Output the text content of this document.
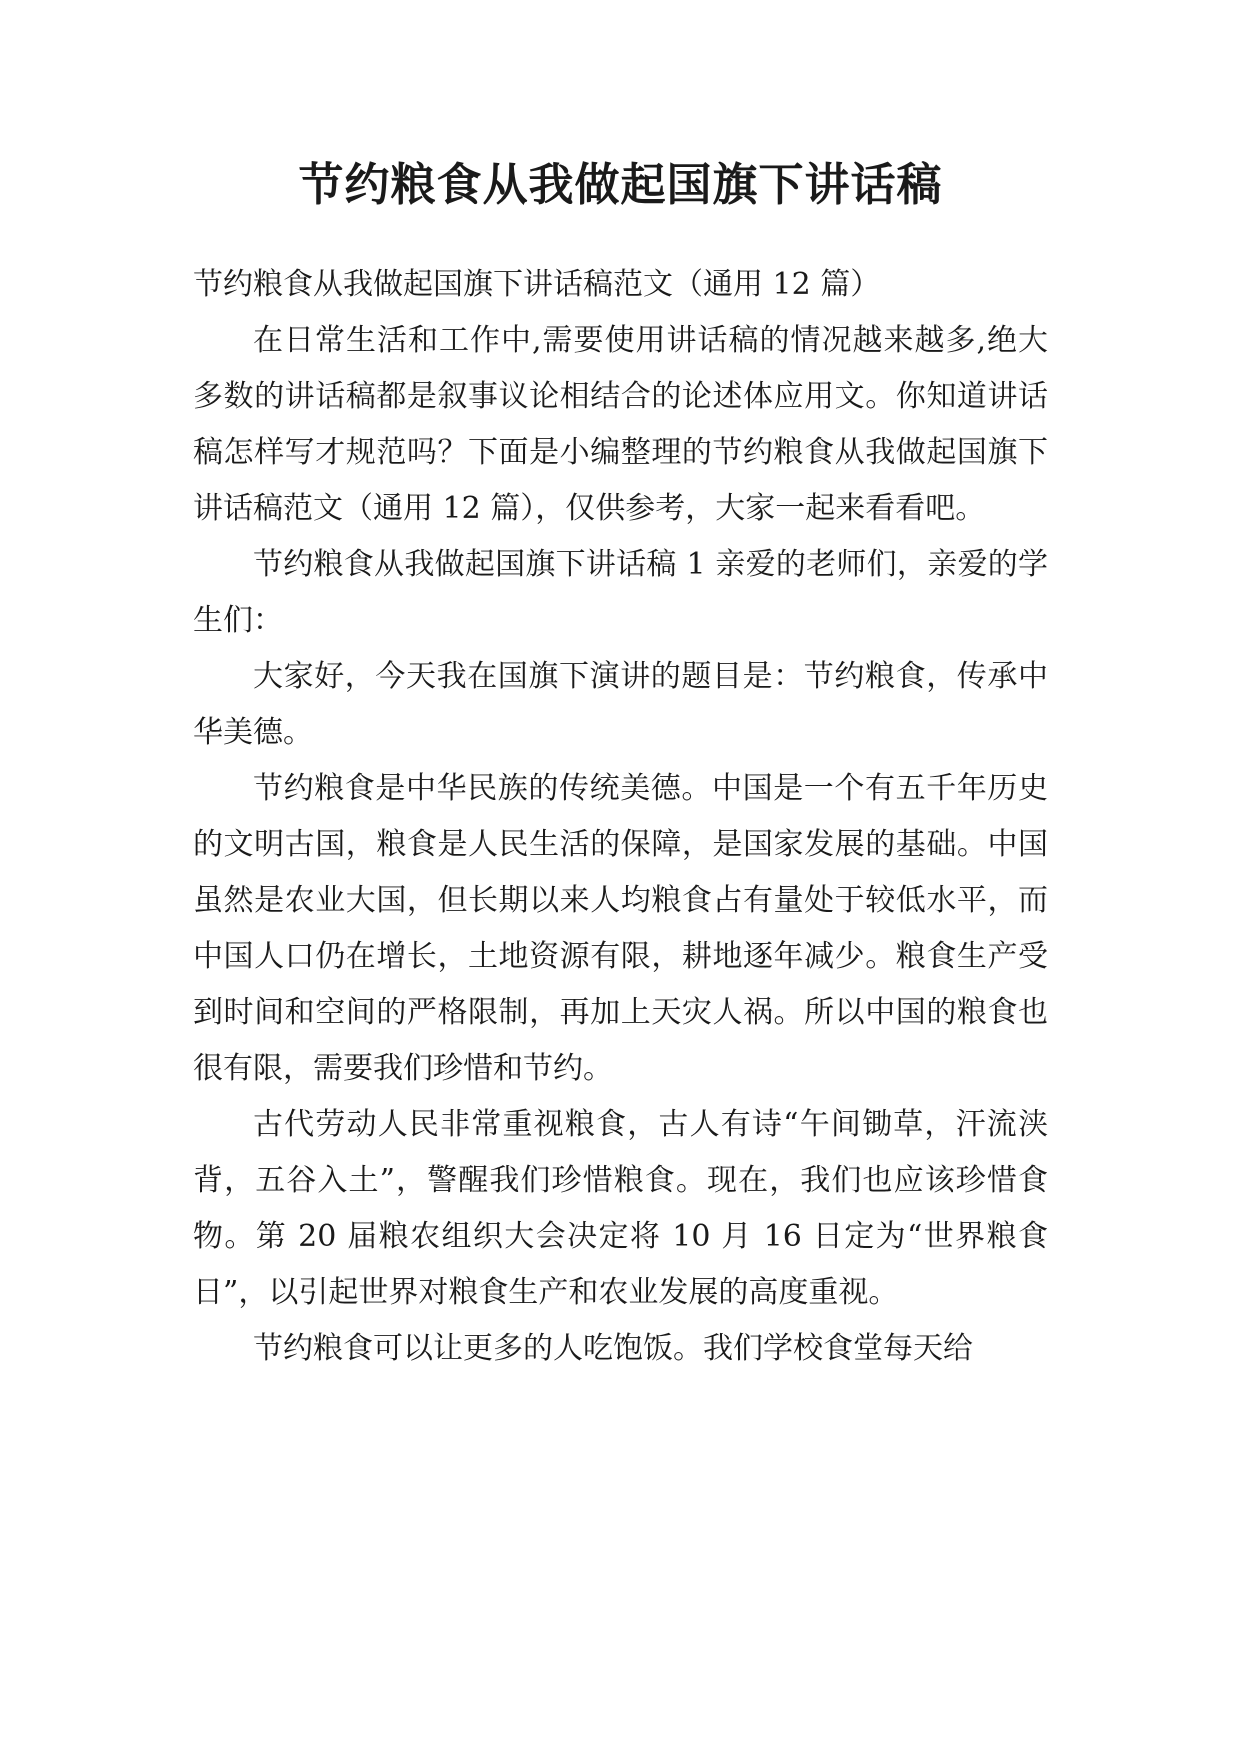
节约粮食从我做起国旗下讲话稿

节约粮食从我做起国旗下讲话稿范文（通用 12 篇）

在日常生活和工作中,需要使用讲话稿的情况越来越多,绝大多数的讲话稿都是叙事议论相结合的论述体应用文。你知道讲话稿怎样写才规范吗？下面是小编整理的节约粮食从我做起国旗下讲话稿范文（通用 12 篇），仅供参考，大家一起来看看吧。

节约粮食从我做起国旗下讲话稿 1 亲爱的老师们，亲爱的学生们：

大家好，今天我在国旗下演讲的题目是：节约粮食，传承中华美德。

节约粮食是中华民族的传统美德。中国是一个有五千年历史的文明古国，粮食是人民生活的保障，是国家发展的基础。中国虽然是农业大国，但长期以来人均粮食占有量处于较低水平，而中国人口仍在增长，土地资源有限，耕地逐年减少。粮食生产受到时间和空间的严格限制，再加上天灾人祸。所以中国的粮食也很有限，需要我们珍惜和节约。

古代劳动人民非常重视粮食，古人有诗“午间锄草，汗流浃背，五谷入土”，警醒我们珍惜粮食。现在，我们也应该珍惜食物。第 20 届粮农组织大会决定将 10 月 16 日定为“世界粮食日”，以引起世界对粮食生产和农业发展的高度重视。

节约粮食可以让更多的人吃饱饭。我们学校食堂每天给
